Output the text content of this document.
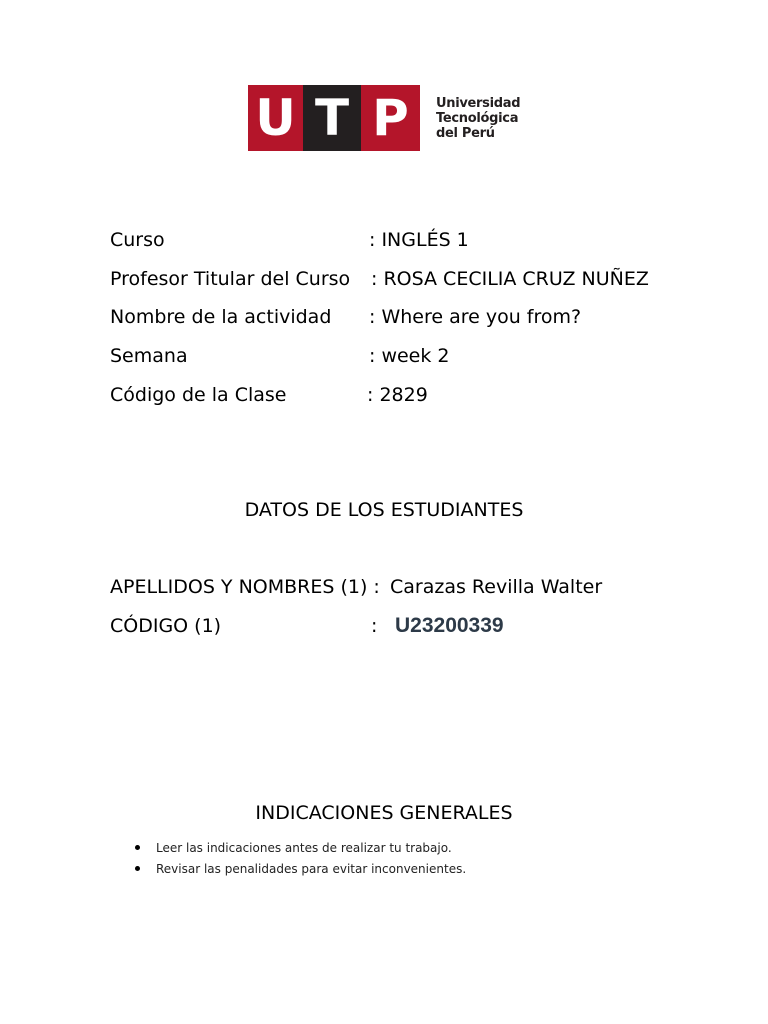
U T P	Universidad
Tecnológica
del Perú
Curso	: INGLÉS 1
Profesor Titular del Curso : ROSA CECILIA CRUZ NUÑEZ
Nombre de la actividad : Where are you from?
Semana	: week 2
Código de la Clase	: 2829
DATOS DE LOS ESTUDIANTES
APELLIDOS Y NOMBRES (1) : Carazas Revilla Walter
CÓDIGO (1)	: U23200339
INDICACIONES GENERALES
Leer las indicaciones antes de realizar tu trabajo.
Revisar las penalidades para evitar inconvenientes.
